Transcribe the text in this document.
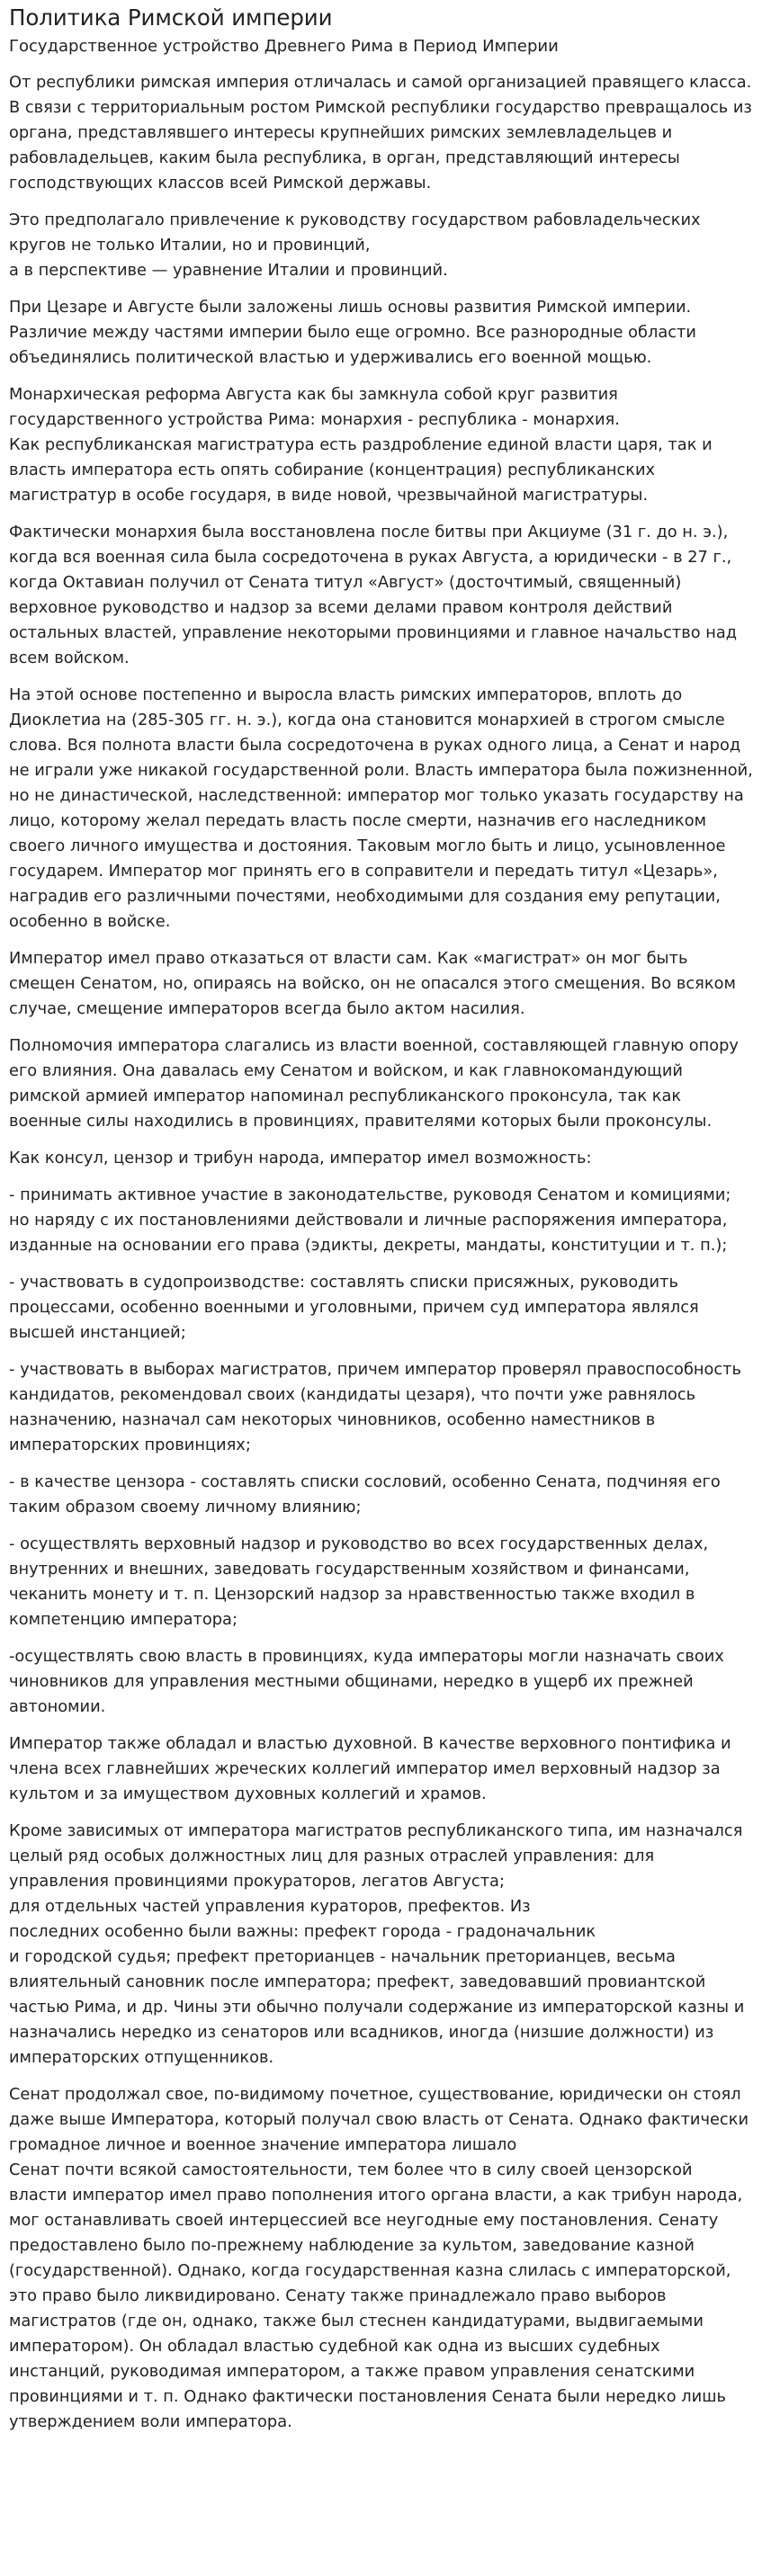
Политика Римской империи
Государственное устройство Древнего Рима в Период Империи

От республики римская империя отличалась и самой организацией правящего класса. В связи с территориальным ростом Римской республики государство превращалось из органа, представлявшего интересы крупнейших римских землевладельцев и рабовладельцев, каким была республика, в орган, представляющий интересы господствующих классов всей Римской державы.

Это предполагало привлечение к руководству государством рабовладельческих кругов не только Италии, но и провинций,
а в перспективе — уравнение Италии и провинций.

При Цезаре и Августе были заложены лишь основы развития Римской империи. Различие между частями империи было еще огромно. Все разнородные области объединялись политической властью и удерживались его военной мощью.

Монархическая реформа Августа как бы замкнула собой круг развития государственного устройства Рима: монархия - республика - монархия.
Как республиканская магистратура есть раздробление единой власти царя, так и власть императора есть опять собирание (концентрация) республиканских магистратур в особе государя, в виде новой, чрезвычайной магистратуры.

Фактически монархия была восстановлена после битвы при Акциуме (31 г. до н. э.), когда вся военная сила была сосредоточена в руках Августа, а юридически - в 27 г., когда Октавиан получил от Сената титул «Август» (досточтимый, священный) верховное руководство и надзор за всеми делами правом контроля действий остальных властей, управление некоторыми провинциями и главное начальство над всем войском.

На этой основе постепенно и выросла власть римских императоров, вплоть до Диоклетиа на (285-305 гг. н. э.), когда она становится монархией в строгом смысле слова. Вся полнота власти была сосредоточена в руках одного лица, а Сенат и народ не играли уже никакой государственной роли. Власть императора была пожизненной, но не династической, наследственной: император мог только указать государству на лицо, которому желал передать власть после смерти, назначив его наследником своего личного имущества и достояния. Таковым могло быть и лицо, усыновленное государем. Император мог принять его в соправители и передать титул «Цезарь», наградив его различными почестями, необходимыми для создания ему репутации, особенно в войске.

Император имел право отказаться от власти сам. Как «магистрат» он мог быть смещен Сенатом, но, опираясь на войско, он не опасался этого смещения. Во всяком случае, смещение императоров всегда было актом насилия.

Полномочия императора слагались из власти военной, составляющей главную опору его влияния. Она давалась ему Сенатом и войском, и как главнокомандующий римской армией император напоминал республиканского проконсула, так как военные силы находились в провинциях, правителями которых были проконсулы.

Как консул, цензор и трибун народа, император имел возможность:

- принимать активное участие в законодательстве, руководя Сенатом и комициями; но наряду с их постановлениями действовали и личные распоряжения императора, изданные на основании его права (эдикты, декреты, мандаты, конституции и т. п.);

- участвовать в судопроизводстве: составлять списки присяжных, руководить процессами, особенно военными и уголовными, причем суд императора являлся высшей инстанцией;

- участвовать в выборах магистратов, причем император проверял правоспособность кандидатов, рекомендовал своих (кандидаты цезаря), что почти уже равнялось назначению, назначал сам некоторых чиновников, особенно наместников в императорских провинциях;

- в качестве цензора - составлять списки сословий, особенно Сената, подчиняя его таким образом своему личному влиянию;

- осуществлять верховный надзор и руководство во всех государственных делах, внутренних и внешних, заведовать государственным хозяйством и финансами, чеканить монету и т. п. Цензорский надзор за нравственностью также входил в компетенцию императора;

-осуществлять свою власть в провинциях, куда императоры могли назначать своих чиновников для управления местными общинами, нередко в ущерб их прежней автономии.

Император также обладал и властью духовной. В качестве верховного понтифика и члена всех главнейших жреческих коллегий император имел верховный надзор за культом и за имуществом духовных коллегий и храмов.

Кроме зависимых от императора магистратов республиканского типа, им назначался целый ряд особых должностных лиц для разных отраслей управления: для управления провинциями прокураторов, легатов Августа;
для отдельных частей управления кураторов, префектов. Из
последних особенно были важны: префект города - градоначальник
и городской судья; префект преторианцев - начальник преторианцев, весьма влиятельный сановник после императора; префект, заведовавший провиантской частью Рима, и др. Чины эти обычно получали содержание из императорской казны и назначались нередко из сенаторов или всадников, иногда (низшие должности) из императорских отпущенников.

Сенат продолжал свое, по-видимому почетное, существование, юридически он стоял даже выше Императора, который получал свою власть от Сената. Однако фактически громадное личное и военное значение императора лишало
Сенат почти всякой самостоятельности, тем более что в силу своей цензорской власти император имел право пополнения итого органа власти, а как трибун народа, мог останавливать своей интерцессией все неугодные ему постановления. Сенату предоставлено было по-прежнему наблюдение за культом, заведование казной (государственной). Однако, когда государственная казна слилась с императорской, это право было ликвидировано. Сенату также принадлежало право выборов магистратов (где он, однако, также был стеснен кандидатурами, выдвигаемыми императором). Он обладал властью судебной как одна из высших судебных инстанций, руководимая императором, а также правом управления сенатскими провинциями и т. п. Однако фактически постановления Сената были нередко лишь утверждением воли императора.
